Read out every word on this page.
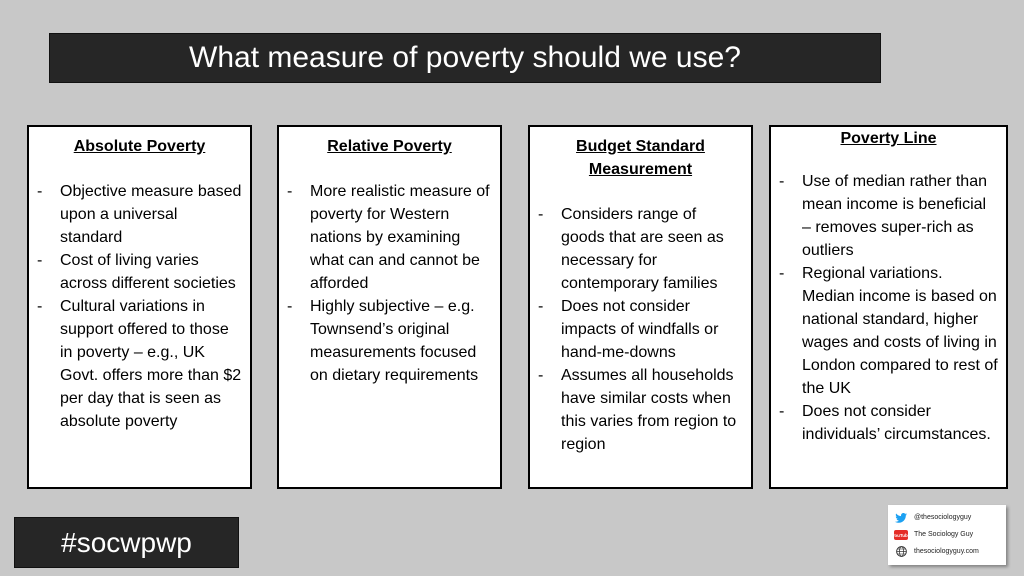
What measure of poverty should we use?
Absolute Poverty
- Objective measure based upon a universal standard
- Cost of living varies across different societies
- Cultural variations in support offered to those in poverty – e.g., UK Govt. offers more than $2 per day that is seen as absolute poverty
Relative Poverty
- More realistic measure of poverty for Western nations by examining what can and cannot be afforded
- Highly subjective – e.g. Townsend’s original measurements focused on dietary requirements
Budget Standard
Measurement
- Considers range of goods that are seen as necessary for contemporary families
- Does not consider impacts of windfalls or hand-me-downs
- Assumes all households have similar costs when this varies from region to region
Poverty Line
- Use of median rather than mean income is beneficial – removes super-rich as outliers
- Regional variations. Median income is based on national standard, higher wages and costs of living in London compared to rest of the UK
- Does not consider individuals’ circumstances.
#socwpwp
@thesociologyguy
YouTube The Sociology Guy
thesociologyguy.com
